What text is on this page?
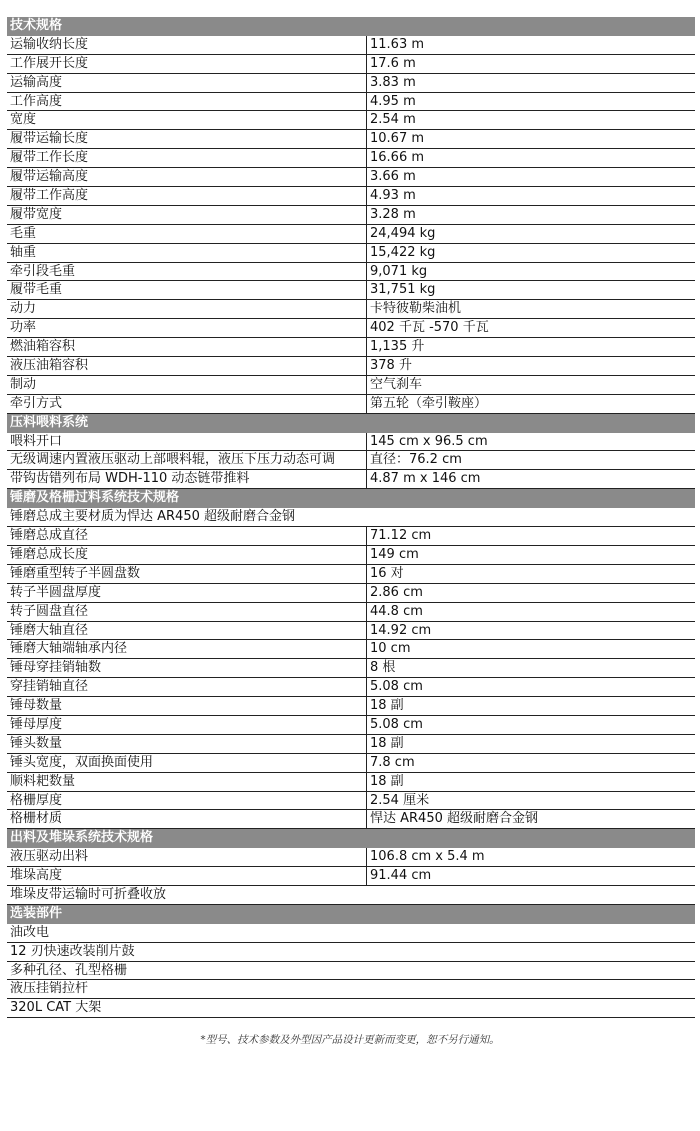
技术规格
运输收纳长度	11.63 m
工作展开长度	17.6 m
运输高度	3.83 m
工作高度	4.95 m
宽度	2.54 m
履带运输长度	10.67 m
履带工作长度	16.66 m
履带运输高度	3.66 m
履带工作高度	4.93 m
履带宽度	3.28 m
毛重	24,494 kg
轴重	15,422 kg
牵引段毛重	9,071 kg
履带毛重	31,751 kg
动力	卡特彼勒柴油机
功率	402 千瓦 -570 千瓦
燃油箱容积	1,135 升
液压油箱容积	378 升
制动	空气刹车
牵引方式	第五轮（牵引鞍座）
压料喂料系统
喂料开口	145 cm x 96.5 cm
无级调速内置液压驱动上部喂料辊，液压下压力动态可调	直径：76.2 cm
带钩齿错列布局 WDH-110 动态链带推料	4.87 m x 146 cm
锤磨及格栅过料系统技术规格
锤磨总成主要材质为悍达 AR450 超级耐磨合金钢
锤磨总成直径	71.12 cm
锤磨总成长度	149 cm
锤磨重型转子半圆盘数	16 对
转子半圆盘厚度	2.86 cm
转子圆盘直径	44.8 cm
锤磨大轴直径	14.92 cm
锤磨大轴端轴承内径	10 cm
锤母穿挂销轴数	8 根
穿挂销轴直径	5.08 cm
锤母数量	18 副
锤母厚度	5.08 cm
锤头数量	18 副
锤头宽度，双面换面使用	7.8 cm
顺料耙数量	18 副
格栅厚度	2.54 厘米
格栅材质	悍达 AR450 超级耐磨合金钢
出料及堆垛系统技术规格
液压驱动出料	106.8 cm x 5.4 m
堆垛高度	91.44 cm
堆垛皮带运输时可折叠收放
选装部件
油改电
12 刃快速改装削片鼓
多种孔径、孔型格栅
液压挂销拉杆
320L CAT 大架
*型号、技术参数及外型因产品设计更新而变更，恕不另行通知。
